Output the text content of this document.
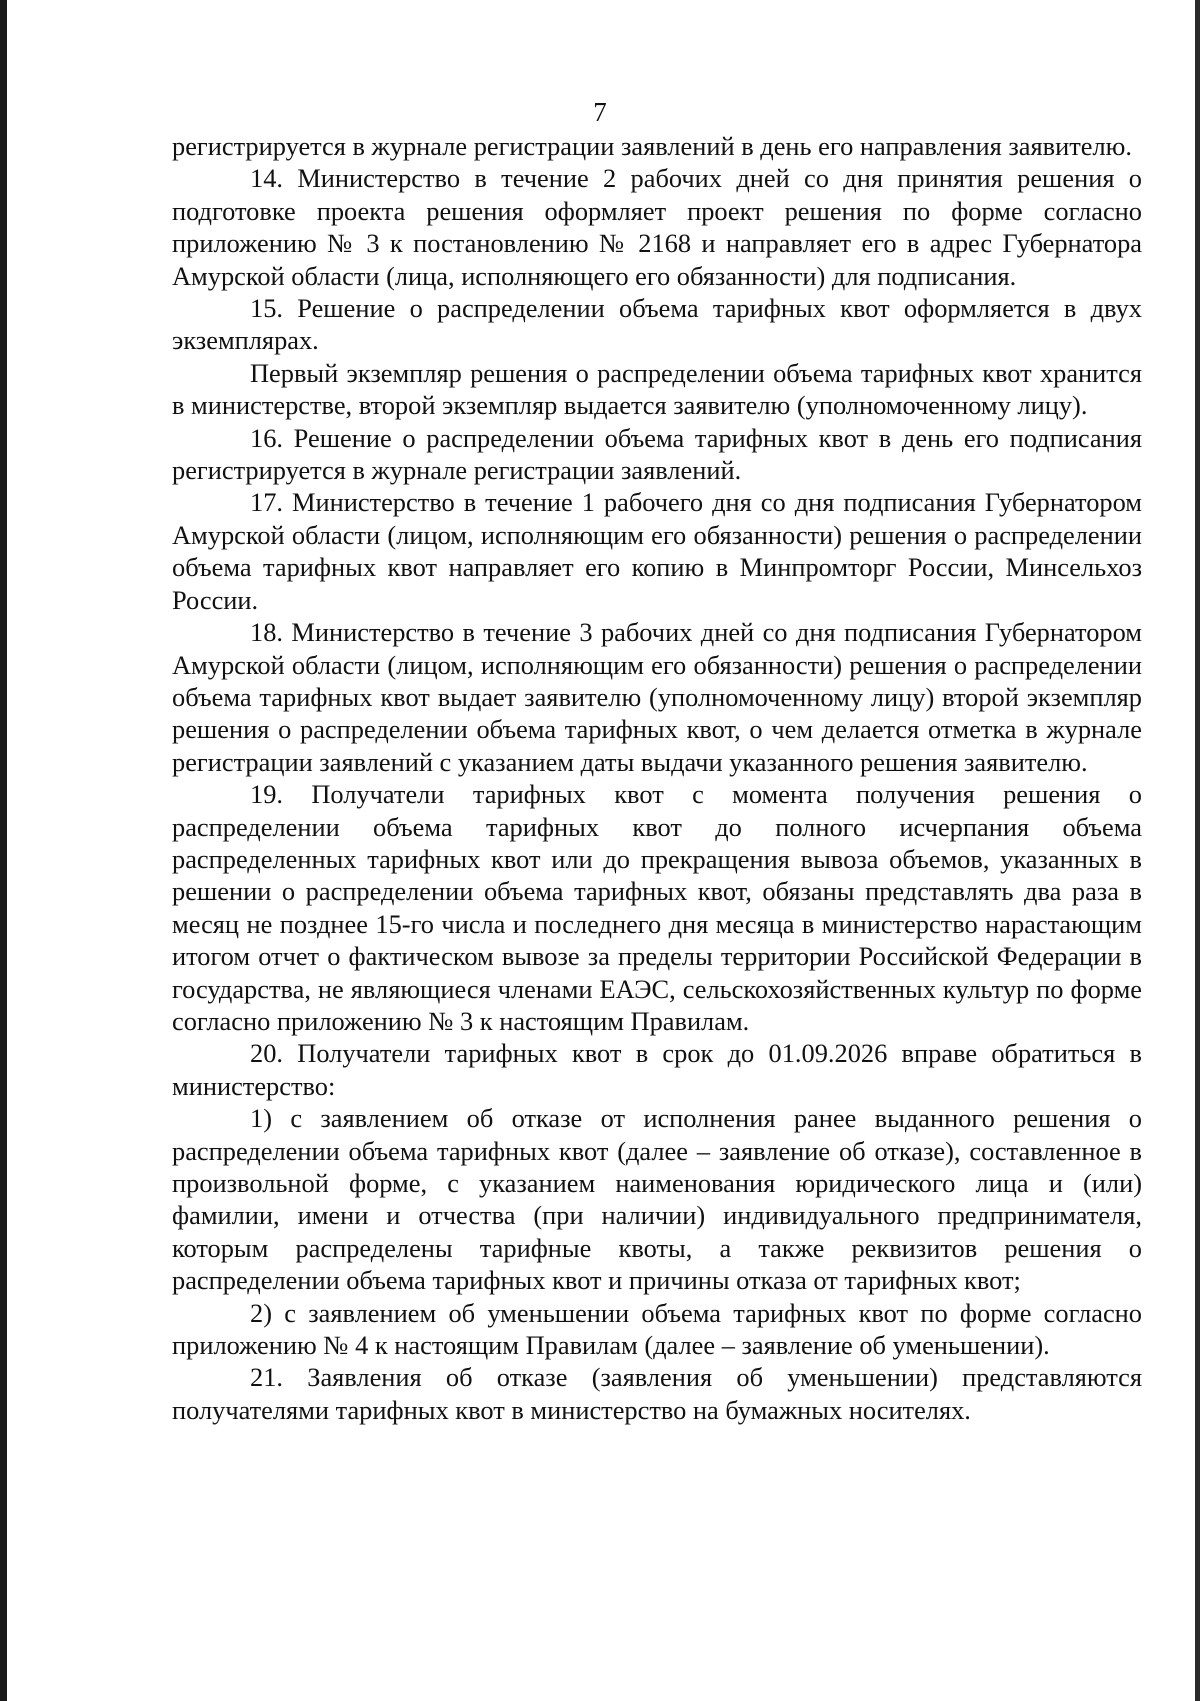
7

регистрируется в журнале регистрации заявлений в день его направления заявителю.

14. Министерство в течение 2 рабочих дней со дня принятия решения о подготовке проекта решения оформляет проект решения по форме согласно приложению № 3 к постановлению № 2168 и направляет его в адрес Губернатора Амурской области (лица, исполняющего его обязанности) для подписания.

15. Решение о распределении объема тарифных квот оформляется в двух экземплярах.

Первый экземпляр решения о распределении объема тарифных квот хранится в министерстве, второй экземпляр выдается заявителю (уполномоченному лицу).

16. Решение о распределении объема тарифных квот в день его подписания регистрируется в журнале регистрации заявлений.

17. Министерство в течение 1 рабочего дня со дня подписания Губернатором Амурской области (лицом, исполняющим его обязанности) решения о распределении объема тарифных квот направляет его копию в Минпромторг России, Минсельхоз России.

18. Министерство в течение 3 рабочих дней со дня подписания Губернатором Амурской области (лицом, исполняющим его обязанности) решения о распределении объема тарифных квот выдает заявителю (уполномоченному лицу) второй экземпляр решения о распределении объема тарифных квот, о чем делается отметка в журнале регистрации заявлений с указанием даты выдачи указанного решения заявителю.

19. Получатели тарифных квот с момента получения решения о распределении объема тарифных квот до полного исчерпания объема распределенных тарифных квот или до прекращения вывоза объемов, указанных в решении о распределении объема тарифных квот, обязаны представлять два раза в месяц не позднее 15-го числа и последнего дня месяца в министерство нарастающим итогом отчет о фактическом вывозе за пределы территории Российской Федерации в государства, не являющиеся членами ЕАЭС, сельскохозяйственных культур по форме согласно приложению № 3 к настоящим Правилам.

20. Получатели тарифных квот в срок до 01.09.2026 вправе обратиться в министерство:

1) с заявлением об отказе от исполнения ранее выданного решения о распределении объема тарифных квот (далее – заявление об отказе), составленное в произвольной форме, с указанием наименования юридического лица и (или) фамилии, имени и отчества (при наличии) индивидуального предпринимателя, которым распределены тарифные квоты, а также реквизитов решения о распределении объема тарифных квот и причины отказа от тарифных квот;

2) с заявлением об уменьшении объема тарифных квот по форме согласно приложению № 4 к настоящим Правилам (далее – заявление об уменьшении).

21. Заявления об отказе (заявления об уменьшении) представляются получателями тарифных квот в министерство на бумажных носителях.
